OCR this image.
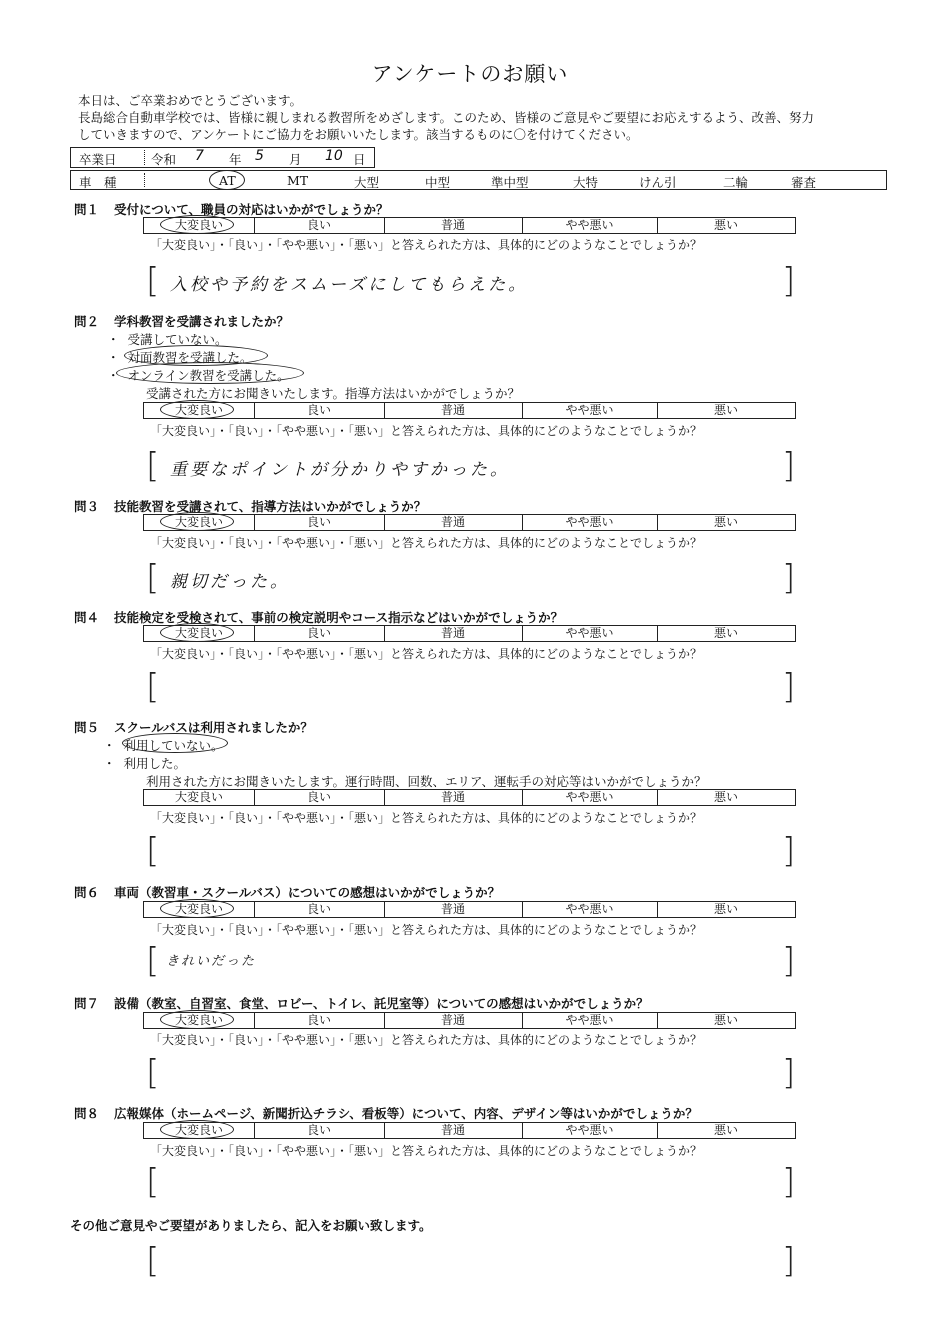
アンケートのお願い
本日は、ご卒業おめでとうございます。
長島総合自動車学校では、皆様に親しまれる教習所をめざします。このため、皆様のご意見やご要望にお応えするよう、改善、努力
していきますので、アンケートにご協力をお願いいたします。該当するものに〇を付けてください。
卒業日	令和 7 年 5 月 10 日
車　種	AT	MT	大型	中型	準中型	大特	けん引	二輪	審査
問１ 受付について、職員の対応はいかがでしょうか？
大変良い	良い	普通	やや悪い	悪い
「大変良い」・「良い」・「やや悪い」・「悪い」と答えられた方は、具体的にどのようなことでしょうか？
[	]
入校や予約をスムーズにしてもらえた。
問２ 学科教習を受講されましたか？
・ 受講していない。
・ 対面教習を受講した。
・ オンライン教習を受講した。
受講された方にお聞きいたします。指導方法はいかがでしょうか？
大変良い	良い	普通	やや悪い	悪い
「大変良い」・「良い」・「やや悪い」・「悪い」と答えられた方は、具体的にどのようなことでしょうか？
[	]
重要なポイントが分かりやすかった。
問３ 技能教習を受講されて、指導方法はいかがでしょうか？
大変良い	良い	普通	やや悪い	悪い
「大変良い」・「良い」・「やや悪い」・「悪い」と答えられた方は、具体的にどのようなことでしょうか？
[	]
親切だった。
問４ 技能検定を受検されて、事前の検定説明やコース指示などはいかがでしょうか？
大変良い	良い	普通	やや悪い	悪い
「大変良い」・「良い」・「やや悪い」・「悪い」と答えられた方は、具体的にどのようなことでしょうか？
[	]
問５ スクールバスは利用されましたか？
・ 利用していない。
・ 利用した。
利用された方にお聞きいたします。運行時間、回数、エリア、運転手の対応等はいかがでしょうか？
大変良い	良い	普通	やや悪い	悪い
「大変良い」・「良い」・「やや悪い」・「悪い」と答えられた方は、具体的にどのようなことでしょうか？
[	]
問６ 車両（教習車・スクールバス）についての感想はいかがでしょうか？
大変良い	良い	普通	やや悪い	悪い
「大変良い」・「良い」・「やや悪い」・「悪い」と答えられた方は、具体的にどのようなことでしょうか？
[	]
きれいだった
問７ 設備（教室、自習室、食堂、ロビー、トイレ、託児室等）についての感想はいかがでしょうか？
大変良い	良い	普通	やや悪い	悪い
「大変良い」・「良い」・「やや悪い」・「悪い」と答えられた方は、具体的にどのようなことでしょうか？
[	]
問８ 広報媒体（ホームページ、新聞折込チラシ、看板等）について、内容、デザイン等はいかがでしょうか？
大変良い	良い	普通	やや悪い	悪い
「大変良い」・「良い」・「やや悪い」・「悪い」と答えられた方は、具体的にどのようなことでしょうか？
[	]
その他ご意見やご要望がありましたら、記入をお願い致します。
[	]
